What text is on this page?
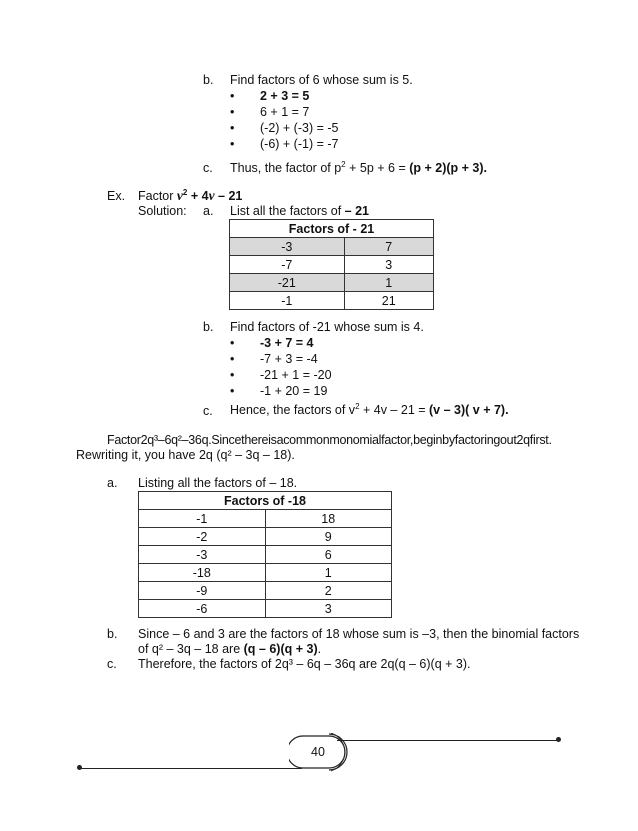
b. Find factors of 6 whose sum is 5.
• 2 + 3 = 5
• 6 + 1 = 7
• (-2) + (-3) = -5
• (-6) + (-1) = -7
c. Thus, the factor of $p^2 + 5p + 6 = (p + 2)(p + 3)$.
Ex. Factor $v^2 + 4v - 21$
Solution: a. List all the factors of – 21
Factors of - 21	
-3	7
-7	3
-21	1
-1	21
b. Find factors of -21 whose sum is 4.
• -3 + 7 = 4
• -7 + 3 = -4
• -21 + 1 = -20
• -1 + 20 = 19
c. Hence, the factors of $v^2 + 4v - 21 = (v - 3)$( v + 7).
Factor2q³–6q²–36q.Sincethereisacommonmonomialfactor,beginbyfactoringout2qfirst.
Rewriting it, you have 2q (q² – 3q – 18).
a. Listing all the factors of – 18.
Factors of -18	
-1	18
-2	9
-3	6
-18	1
-9	2
-6	3
b. Since – 6 and 3 are the factors of 18 whose sum is –3, then the binomial factors
of q² – 3q – 18 are (q – 6)(q + 3).
c. Therefore, the factors of 2q³ – 6q – 36q are 2q(q – 6)(q + 3).
40
